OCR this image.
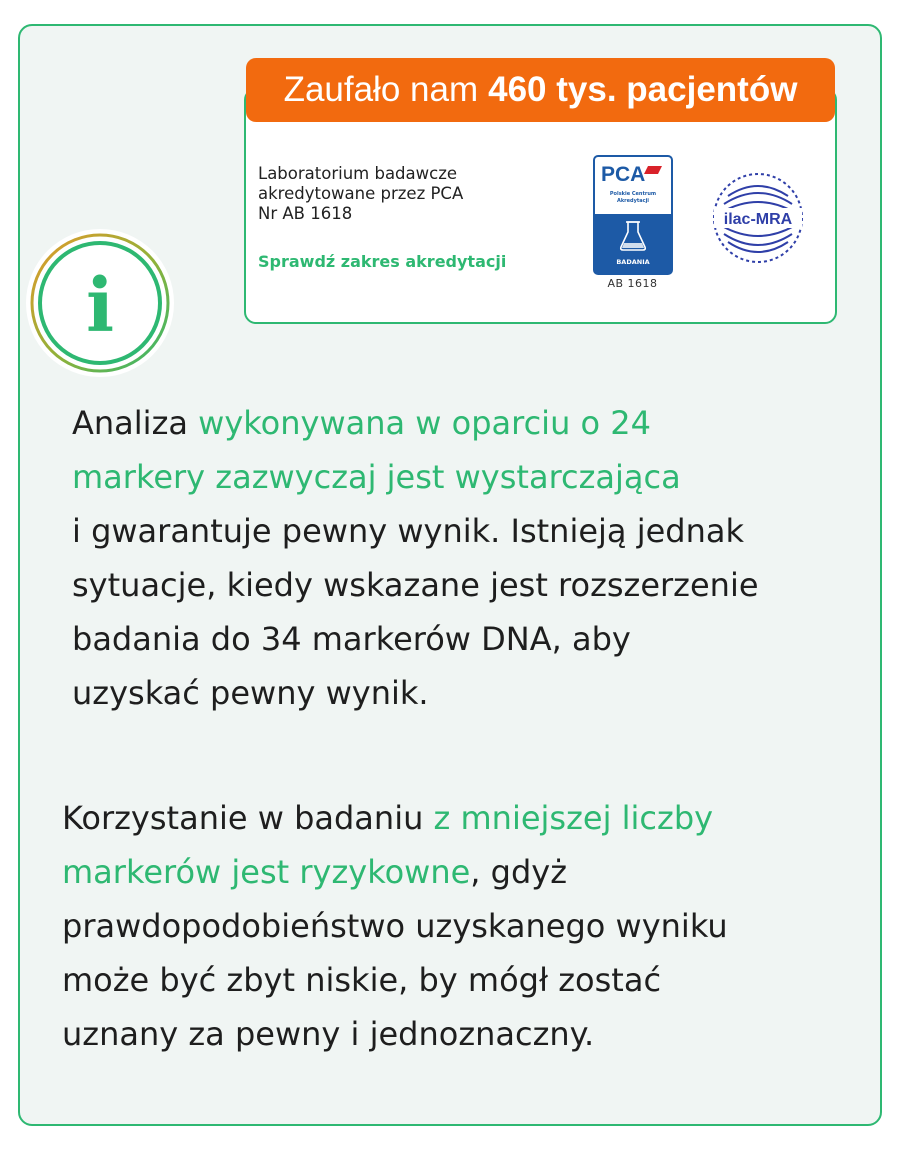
Zaufało nam 460 tys. pacjentów
Laboratorium badawcze
akredytowane przez PCA
Nr AB 1618
Sprawdź zakres akredytacji
PCA
Polskie Centrum
Akredytacji
BADANIA
AB 1618
ilac-MRA
i
Analiza wykonywana w oparciu o 24
markery zazwyczaj jest wystarczająca
i gwarantuje pewny wynik. Istnieją jednak
sytuacje, kiedy wskazane jest rozszerzenie
badania do 34 markerów DNA, aby
uzyskać pewny wynik.
Korzystanie w badaniu z mniejszej liczby
markerów jest ryzykowne, gdyż
prawdopodobieństwo uzyskanego wyniku
może być zbyt niskie, by mógł zostać
uznany za pewny i jednoznaczny.
